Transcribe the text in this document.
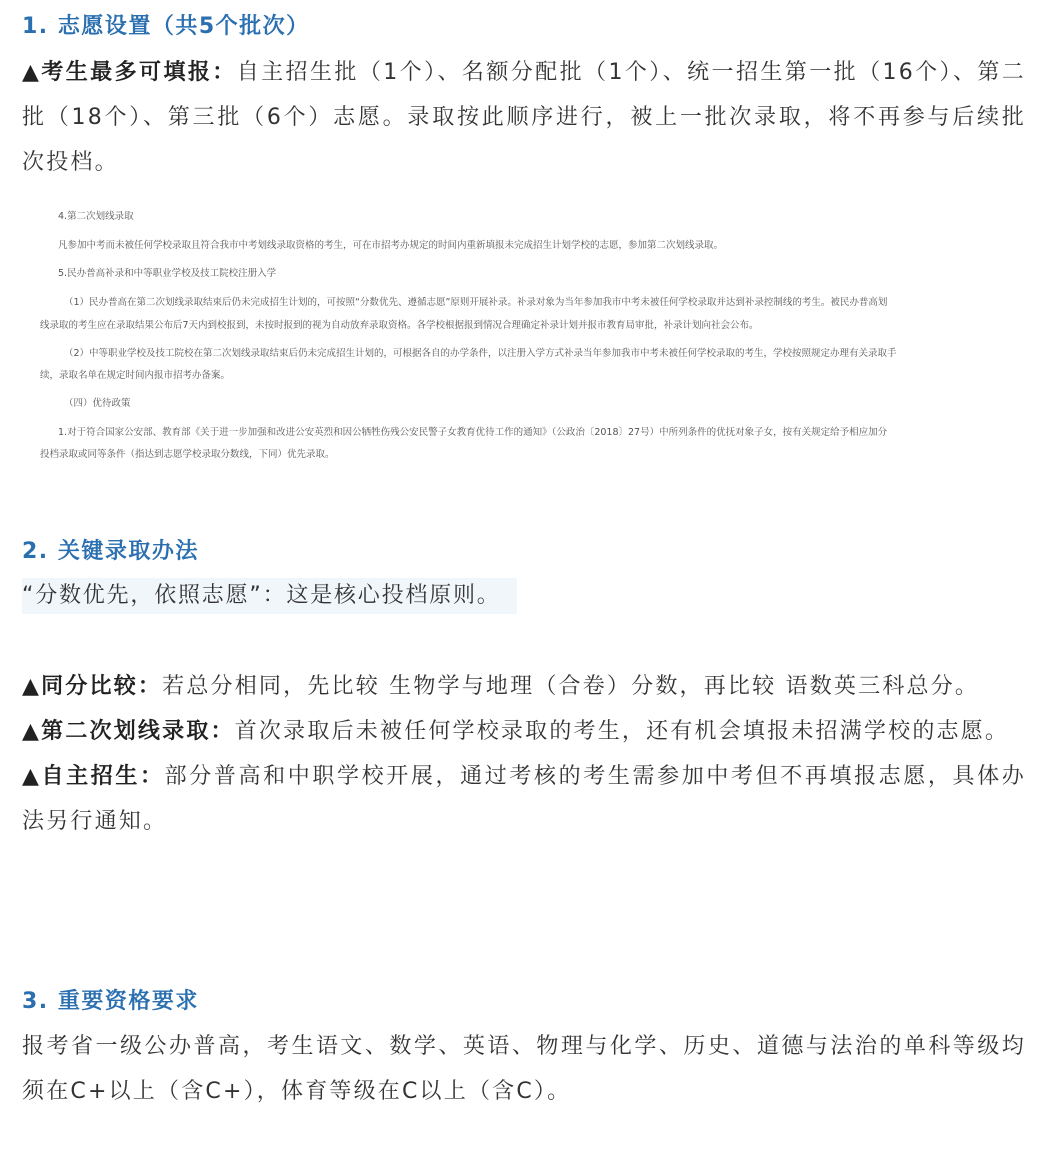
1. 志愿设置（共5个批次）

▲考生最多可填报：自主招生批（1个）、名额分配批（1个）、统一招生第一批（16个）、第二批（18个）、第三批（6个）志愿。录取按此顺序进行，被上一批次录取，将不再参与后续批次投档。

4.第二次划线录取
凡参加中考而未被任何学校录取且符合我市中考划线录取资格的考生，可在市招考办规定的时间内重新填报未完成招生计划学校的志愿，参加第二次划线录取。
5.民办普高补录和中等职业学校及技工院校注册入学
（1）民办普高在第二次划线录取结束后仍未完成招生计划的，可按照“分数优先、遵循志愿”原则开展补录。补录对象为当年参加我市中考未被任何学校录取并达到补录控制线的考生。被民办普高划
线录取的考生应在录取结果公布后7天内到校报到，未按时报到的视为自动放弃录取资格。各学校根据报到情况合理确定补录计划并报市教育局审批，补录计划向社会公布。
（2）中等职业学校及技工院校在第二次划线录取结束后仍未完成招生计划的，可根据各自的办学条件，以注册入学方式补录当年参加我市中考未被任何学校录取的考生，学校按照规定办理有关录取手
续，录取名单在规定时间内报市招考办备案。
（四）优待政策
1.对于符合国家公安部、教育部《关于进一步加强和改进公安英烈和因公牺牲伤残公安民警子女教育优待工作的通知》（公政治〔2018〕27号）中所列条件的优抚对象子女，按有关规定给予相应加分
投档录取或同等条件（指达到志愿学校录取分数线，下同）优先录取。
2. 关键录取办法
“分数优先，依照志愿”：这是核心投档原则。

▲同分比较：若总分相同，先比较 生物学与地理（合卷）分数，再比较 语数英三科总分。

▲第二次划线录取：首次录取后未被任何学校录取的考生，还有机会填报未招满学校的志愿。

▲自主招生：部分普高和中职学校开展，通过考核的考生需参加中考但不再填报志愿，具体办法另行通知。

3. 重要资格要求

报考省一级公办普高，考生语文、数学、英语、物理与化学、历史、道德与法治的单科等级均须在C+以上（含C+），体育等级在C以上（含C）。
